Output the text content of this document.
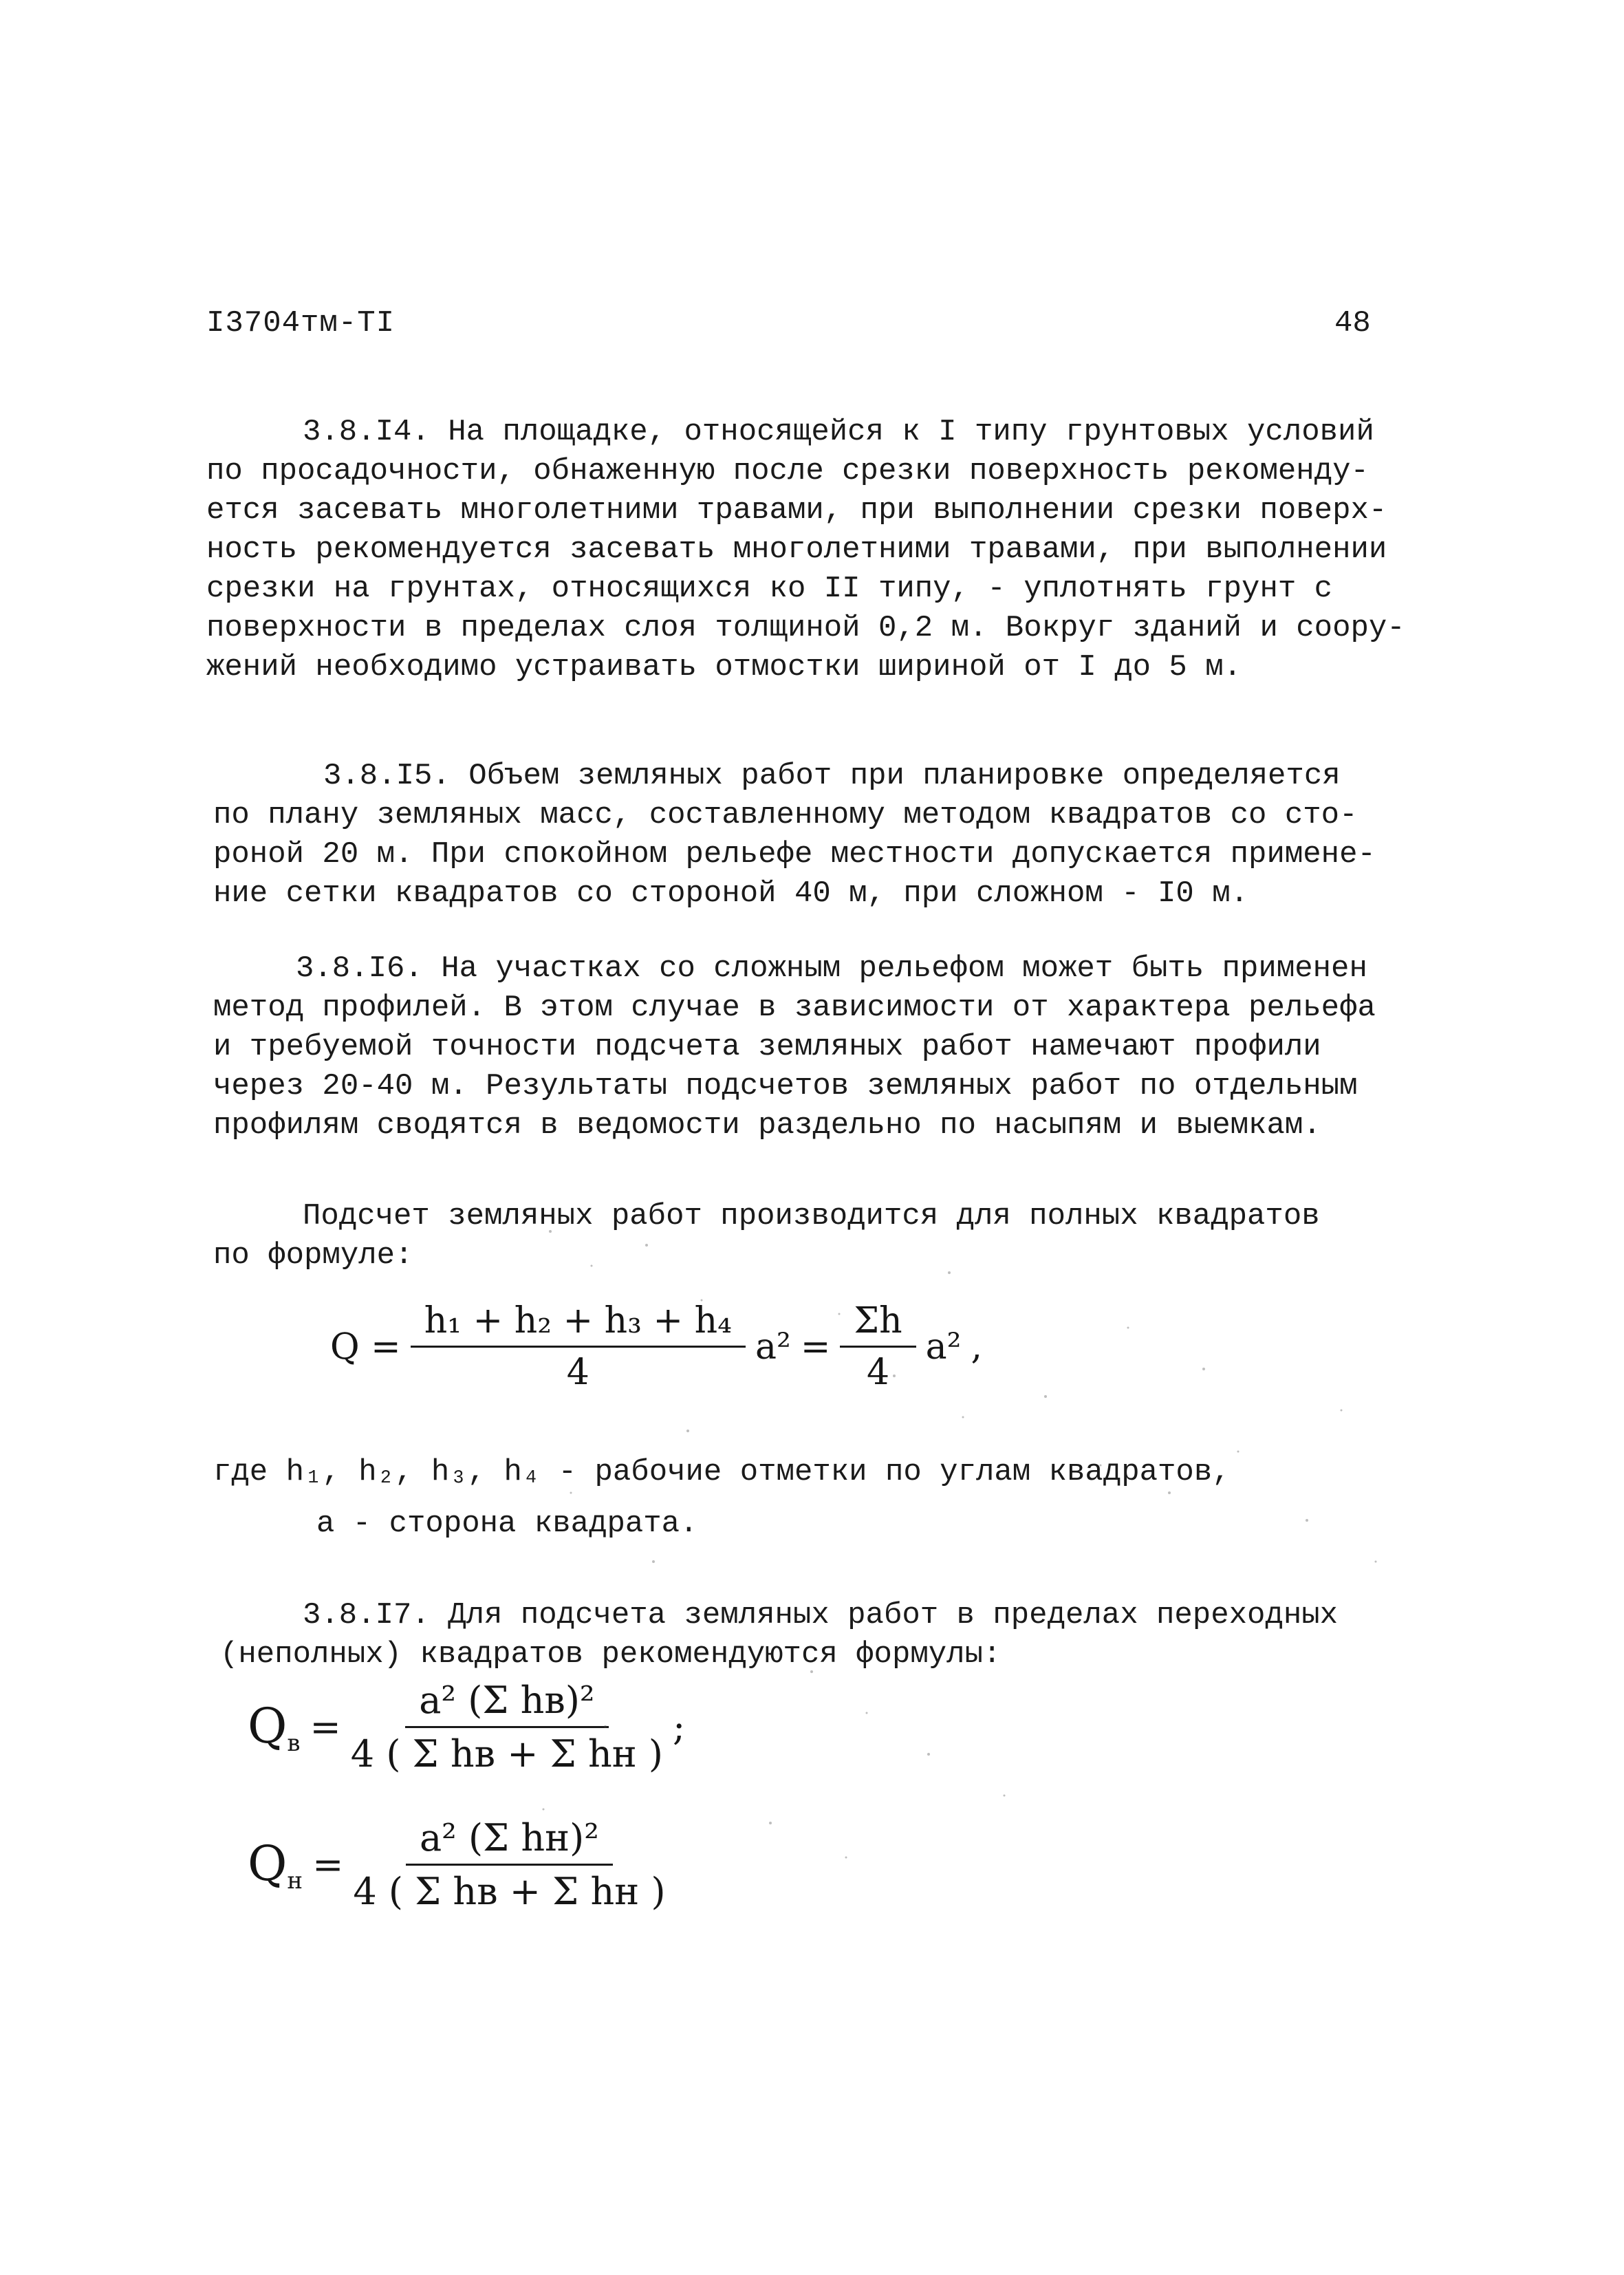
I3704тм-TI	48
3.8.I4. На площадке, относящейся к I типу грунтовых условий
по просадочности, обнаженную после срезки поверхность рекоменду-
ется засевать многолетними травами, при выполнении срезки поверх-
ность рекомендуется засевать многолетними травами, при выполнении
срезки на грунтах, относящихся ко II типу, - уплотнять грунт с
поверхности в пределах слоя толщиной 0,2 м. Вокруг зданий и соору-
жений необходимо устраивать отмостки шириной от I до 5 м.
3.8.I5. Объем земляных работ при планировке определяется
по плану земляных масс, составленному методом квадратов со сто-
роной 20 м. При спокойном рельефе местности допускается примене-
ние сетки квадратов со стороной 40 м, при сложном - I0 м.
3.8.I6. На участках со сложным рельефом может быть применен
метод профилей. В этом случае в зависимости от характера рельефа
и требуемой точности подсчета земляных работ намечают профили
через 20-40 м. Результаты подсчетов земляных работ по отдельным
профилям сводятся в ведомости раздельно по насыпям и выемкам.
Подсчет земляных работ производится для полных квадратов
по формуле:
$Q = \frac{\text{h₁ + h₂ + h₃ + h₄}}{4} a^2 = \frac{\Sigma h}{4} a^2$ ,
где h₁, h₂, h₃, h₄ - рабочие отметки по углам квадратов,
a - сторона квадрата.
3.8.I7. Для подсчета земляных работ в пределах переходных
(неполных) квадратов рекомендуются формулы:
$Q_в = \frac{\text{a² (Σ hв)²}}{\text{4 ( Σ hв + Σ hн )}}$ ;
$Q_н = \frac{\text{a² (Σ hн)²}}{\text{4 ( Σ hв + Σ hн )}}$
